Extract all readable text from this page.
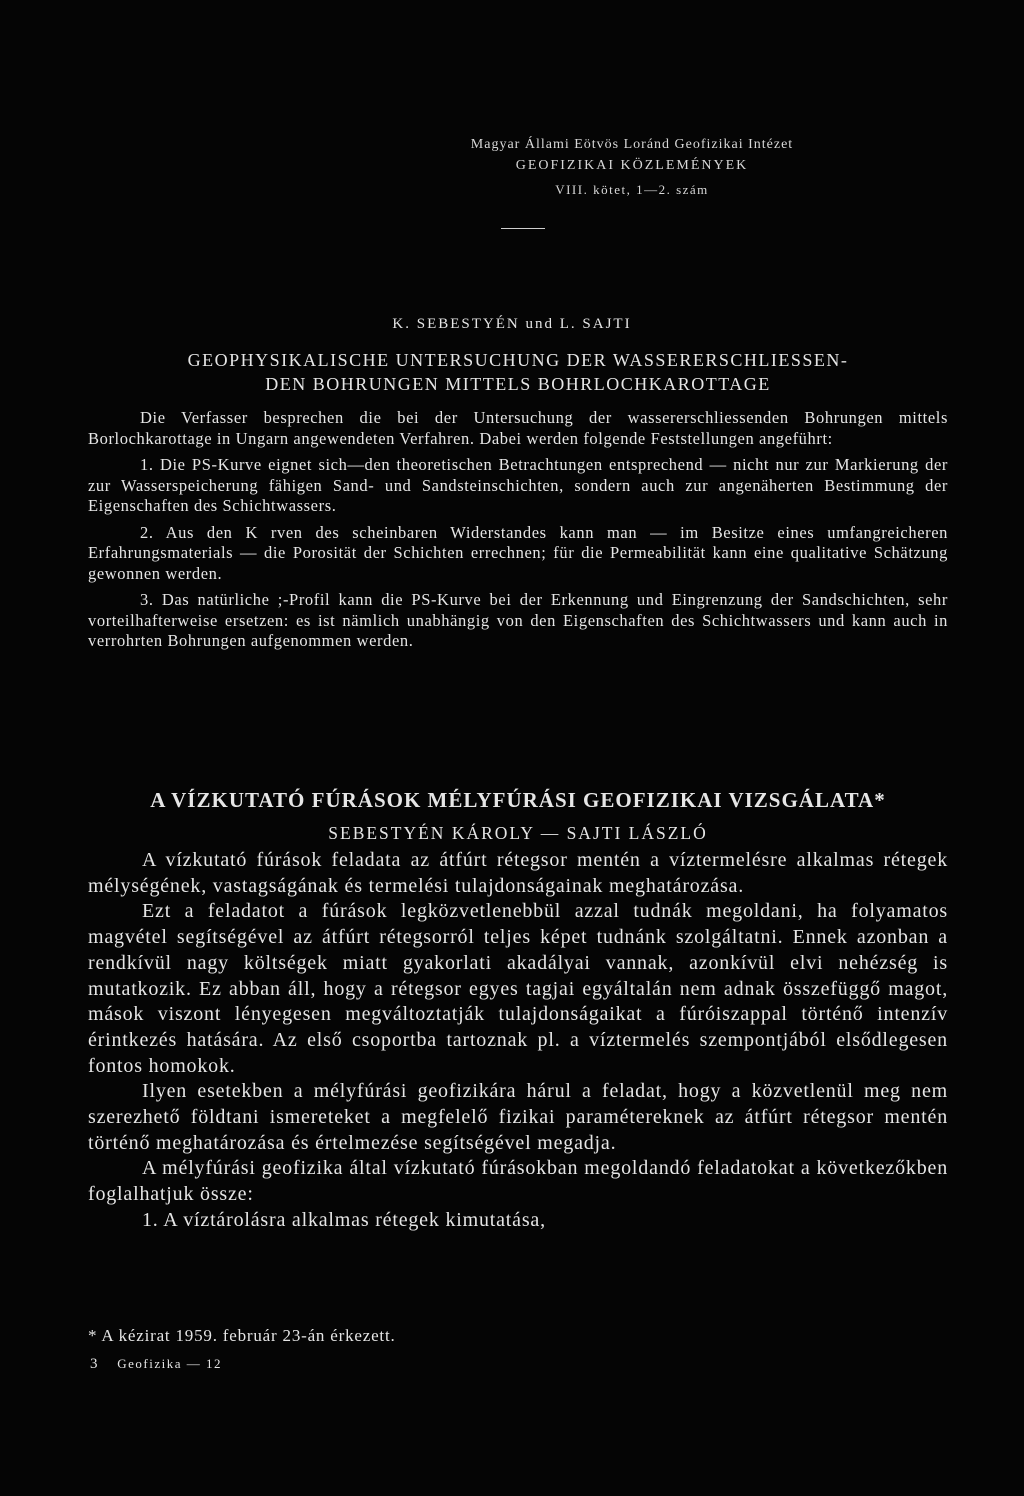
Magyar Állami Eötvös Loránd Geofizikai Intézet
GEOFIZIKAI KÖZLEMÉNYEK
VIII. kötet, 1—2. szám
K. SEBESTYÉN und L. SAJTI
GEOPHYSIKALISCHE UNTERSUCHUNG DER WASSERERSCHLIESSEN-
DEN BOHRUNGEN MITTELS BOHRLOCHKAROTTAGE

Die Verfasser besprechen die bei der Untersuchung der wassererschliessenden Bohrungen mittels Borlochkarottage in Ungarn angewendeten Verfahren. Dabei werden folgende Feststellungen angeführt:

1. Die PS-Kurve eignet sich—den theoretischen Betrachtungen entsprechend — nicht nur zur Markierung der zur Wasserspeicherung fähigen Sand- und Sandsteinschichten, sondern auch zur angenäherten Bestimmung der Eigenschaften des Schichtwassers.

2. Aus den K rven des scheinbaren Widerstandes kann man — im Besitze eines umfangreicheren Erfahrungsmaterials — die Porosität der Schichten errechnen; für die Permeabilität kann eine qualitative Schätzung gewonnen werden.

3. Das natürliche ;-Profil kann die PS-Kurve bei der Erkennung und Eingrenzung der Sandschichten, sehr vorteilhafterweise ersetzen: es ist nämlich unabhängig von den Eigenschaften des Schichtwassers und kann auch in verrohrten Bohrungen aufgenommen werden.

A VÍZKUTATÓ FÚRÁSOK MÉLYFÚRÁSI GEOFIZIKAI VIZSGÁLATA*
SEBESTYÉN KÁROLY — SAJTI LÁSZLÓ

A vízkutató fúrások feladata az átfúrt rétegsor mentén a víztermelésre alkalmas rétegek mélységének, vastagságának és termelési tulajdonságainak meghatározása.

Ezt a feladatot a fúrások legközvetlenebbül azzal tudnák megoldani, ha folyamatos magvétel segítségével az átfúrt rétegsorról teljes képet tudnánk szolgáltatni. Ennek azonban a rendkívül nagy költségek miatt gyakorlati akadályai vannak, azonkívül elvi nehézség is mutatkozik. Ez abban áll, hogy a rétegsor egyes tagjai egyáltalán nem adnak összefüggő magot, mások viszont lényegesen megváltoztatják tulajdonságaikat a fúróiszappal történő intenzív érintkezés hatására. Az első csoportba tartoznak pl. a víztermelés szempontjából elsődlegesen fontos homokok.

Ilyen esetekben a mélyfúrási geofizikára hárul a feladat, hogy a közvetlenül meg nem szerezhető földtani ismereteket a megfelelő fizikai paramétereknek az átfúrt rétegsor mentén történő meghatározása és értelmezése segítségével megadja.

A mélyfúrási geofizika által vízkutató fúrásokban megoldandó feladatokat a következőkben foglalhatjuk össze:

1. A víztárolásra alkalmas rétegek kimutatása,

* A kézirat 1959. február 23-án érkezett.
3 Geofizika — 12
